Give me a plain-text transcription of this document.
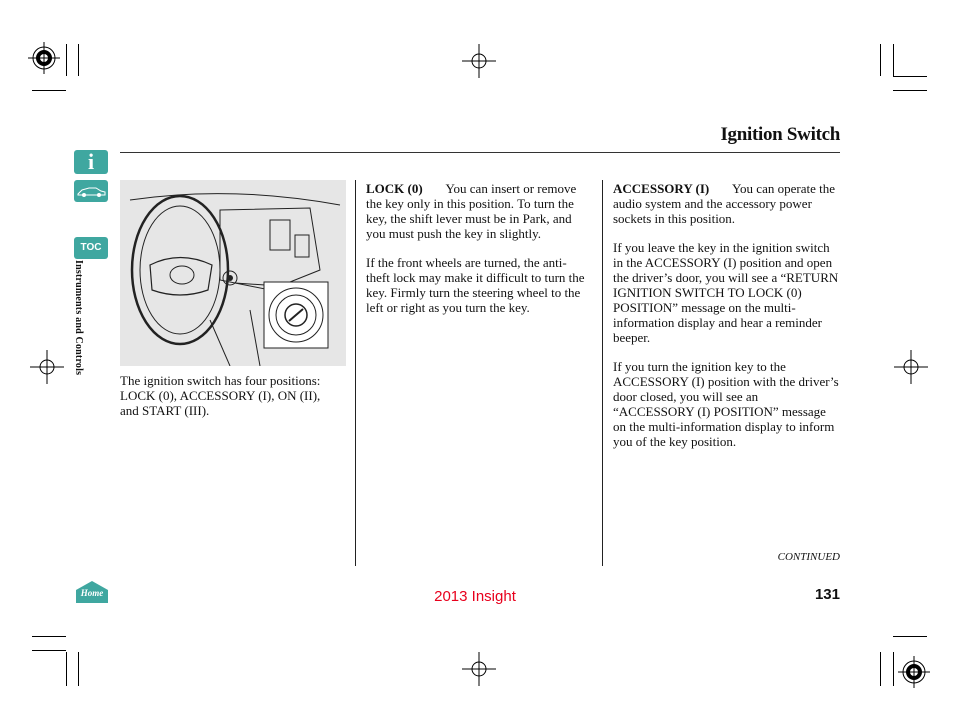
Ignition Switch
i
TOC
Instruments and Controls
Home
The ignition switch has four positions: LOCK (0), ACCESSORY (I), ON (II), and START (III).

LOCK (0) You can insert or remove the key only in this position. To turn the key, the shift lever must be in Park, and you must push the key in slightly.

If the front wheels are turned, the anti-theft lock may make it difficult to turn the key. Firmly turn the steering wheel to the left or right as you turn the key.

ACCESSORY (I) You can operate the audio system and the accessory power sockets in this position.

If you leave the key in the ignition switch in the ACCESSORY (I) position and open the driver’s door, you will see a “RETURN IGNITION SWITCH TO LOCK (0) POSITION” message on the multi-information display and hear a reminder beeper.

If you turn the ignition key to the ACCESSORY (I) position with the driver’s door closed, you will see an “ACCESSORY (I) POSITION” message on the multi-information display to inform you of the key position.

CONTINUED
2013 Insight	131
